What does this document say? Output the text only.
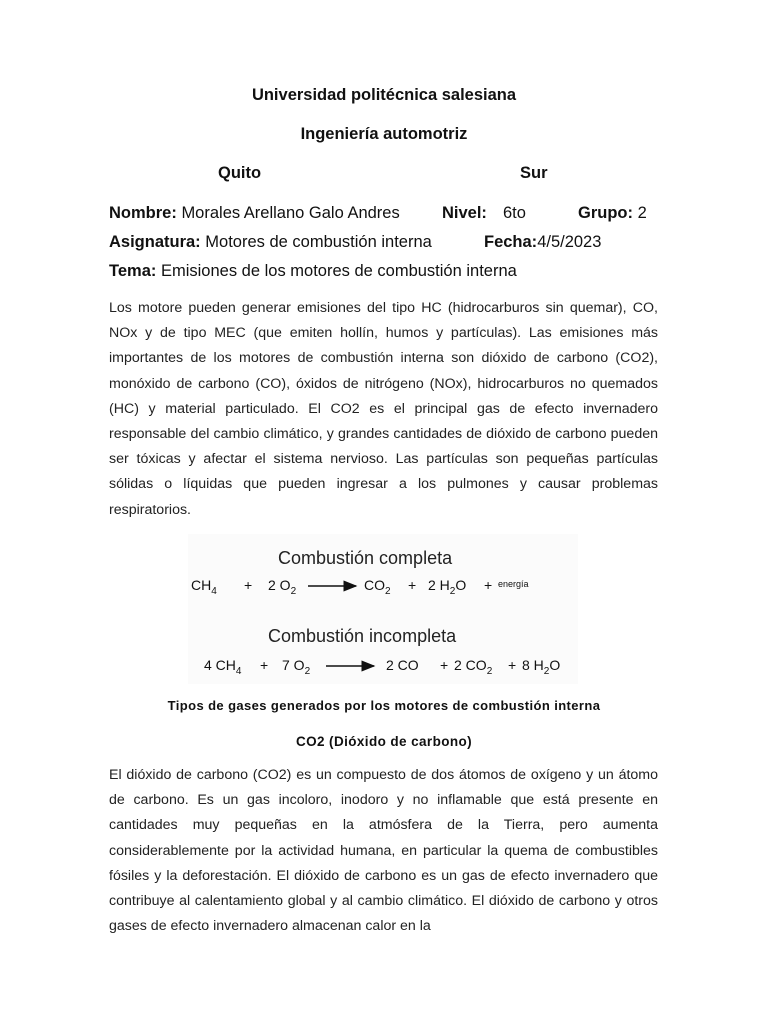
Universidad politécnica salesiana
Ingeniería automotriz
Quito	Sur
Nombre: Morales Arellano Galo Andres	Nivel: 6to	Grupo: 2
Asignatura: Motores de combustión interna	Fecha:4/5/2023
Tema: Emisiones de los motores de combustión interna

Los motore pueden generar emisiones del tipo HC (hidrocarburos sin quemar), CO, NOx y de tipo MEC (que emiten hollín, humos y partículas). Las emisiones más importantes de los motores de combustión interna son dióxido de carbono (CO2), monóxido de carbono (CO), óxidos de nitrógeno (NOx), hidrocarburos no quemados (HC) y material particulado. El CO2 es el principal gas de efecto invernadero responsable del cambio climático, y grandes cantidades de dióxido de carbono pueden ser tóxicas y afectar el sistema nervioso. Las partículas son pequeñas partículas sólidas o líquidas que pueden ingresar a los pulmones y causar problemas respiratorios.

Combustión completa
$CH_4 + 2$ $O_2$	$CO_2 + 2$ $H_2O$ + energía
Combustión incompleta
4 $CH_4 + 7$ $O_2$	2 CO + 2 $CO_2 + 8$ $H_2O$
Tipos de gases generados por los motores de combustión interna
CO2 (Dióxido de carbono)

El dióxido de carbono (CO2) es un compuesto de dos átomos de oxígeno y un átomo de carbono. Es un gas incoloro, inodoro y no inflamable que está presente en cantidades muy pequeñas en la atmósfera de la Tierra, pero aumenta considerablemente por la actividad humana, en particular la quema de combustibles fósiles y la deforestación. El dióxido de carbono es un gas de efecto invernadero que contribuye al calentamiento global y al cambio climático. El dióxido de carbono y otros gases de efecto invernadero almacenan calor en la
